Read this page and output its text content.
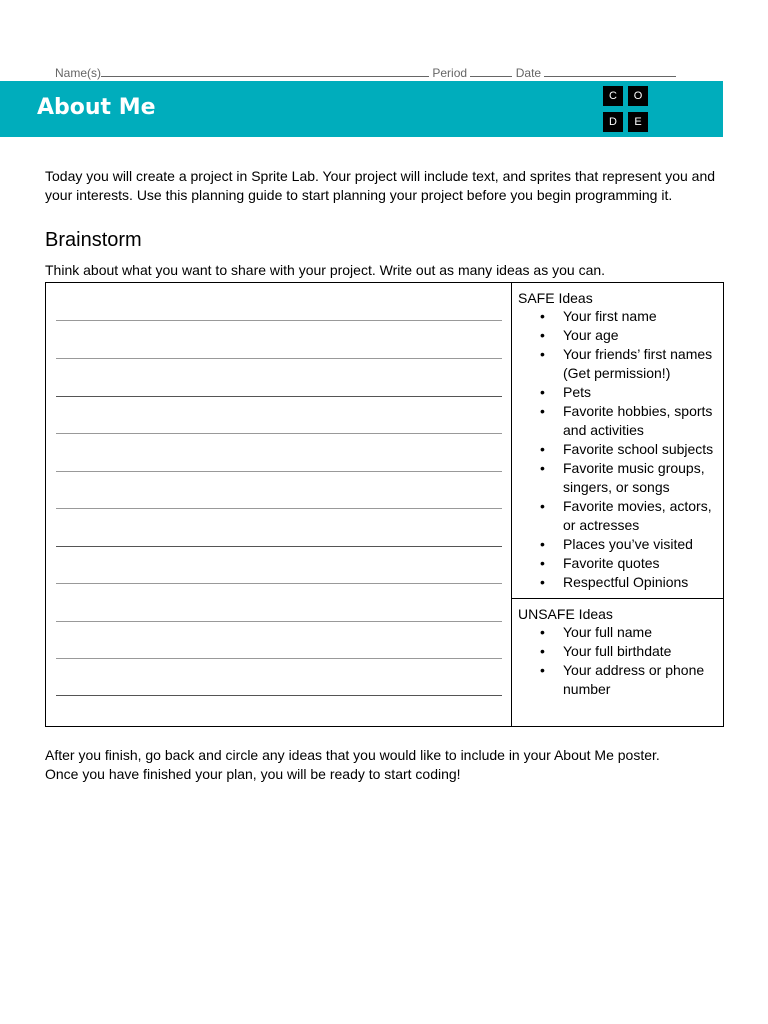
Name(s)	Period	Date
About Me	C	O
D	E
Today you will create a project in Sprite Lab. Your project will include text, and sprites that represent you and your interests. Use this planning guide to start planning your project before you begin programming it.
Brainstorm
Think about what you want to share with your project. Write out as many ideas as you can.
SAFE Ideas
• Your first name
• Your age
• Your friends’ first names (Get permission!)
• Pets
• Favorite hobbies, sports and activities
• Favorite school subjects
• Favorite music groups, singers, or songs
• Favorite movies, actors, or actresses
• Places you’ve visited
• Favorite quotes
• Respectful Opinions
UNSAFE Ideas
• Your full name
• Your full birthdate
• Your address or phone number
After you finish, go back and circle any ideas that you would like to include in your About Me poster.
Once you have finished your plan, you will be ready to start coding!
